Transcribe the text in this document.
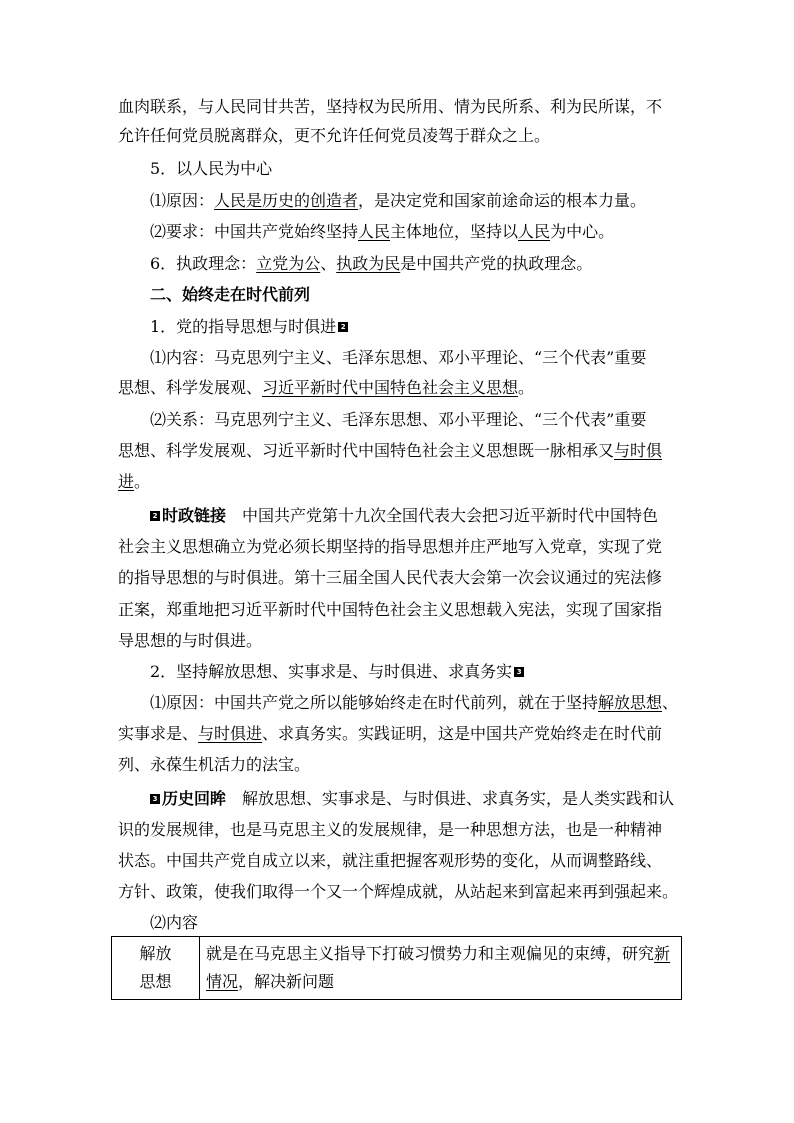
血肉联系，与人民同甘共苦，坚持权为民所用、情为民所系、利为民所谋，不
允许任何党员脱离群众，更不允许任何党员凌驾于群众之上。
5．以人民为中心
⑴原因：人民是历史的创造者，是决定党和国家前途命运的根本力量。
⑵要求：中国共产党始终坚持人民主体地位，坚持以人民为中心。
6．执政理念：立党为公、执政为民是中国共产党的执政理念。
二、始终走在时代前列
1．党的指导思想与时俱进 2
⑴内容：马克思列宁主义、毛泽东思想、邓小平理论、“三个代表”重要
思想、科学发展观、习近平新时代中国特色社会主义思想。
⑵关系：马克思列宁主义、毛泽东思想、邓小平理论、“三个代表”重要
思想、科学发展观、习近平新时代中国特色社会主义思想既一脉相承又与时俱
进。
2 时政链接 中国共产党第十九次全国代表大会把习近平新时代中国特色
社会主义思想确立为党必须长期坚持的指导思想并庄严地写入党章，实现了党
的指导思想的与时俱进。第十三届全国人民代表大会第一次会议通过的宪法修
正案，郑重地把习近平新时代中国特色社会主义思想载入宪法，实现了国家指
导思想的与时俱进。
2．坚持解放思想、实事求是、与时俱进、求真务实 3
⑴原因：中国共产党之所以能够始终走在时代前列，就在于坚持解放思想、
实事求是、与时俱进、求真务实。实践证明，这是中国共产党始终走在时代前
列、永葆生机活力的法宝。
3 历史回眸 解放思想、实事求是、与时俱进、求真务实，是人类实践和认
识的发展规律，也是马克思主义的发展规律，是一种思想方法，也是一种精神
状态。中国共产党自成立以来，就注重把握客观形势的变化，从而调整路线、
方针、政策，使我们取得一个又一个辉煌成就，从站起来到富起来再到强起来。
⑵内容
解放
思想
	就是在马克思主义指导下打破习惯势力和主观偏见的束缚，研究新
情况，解决新问题
